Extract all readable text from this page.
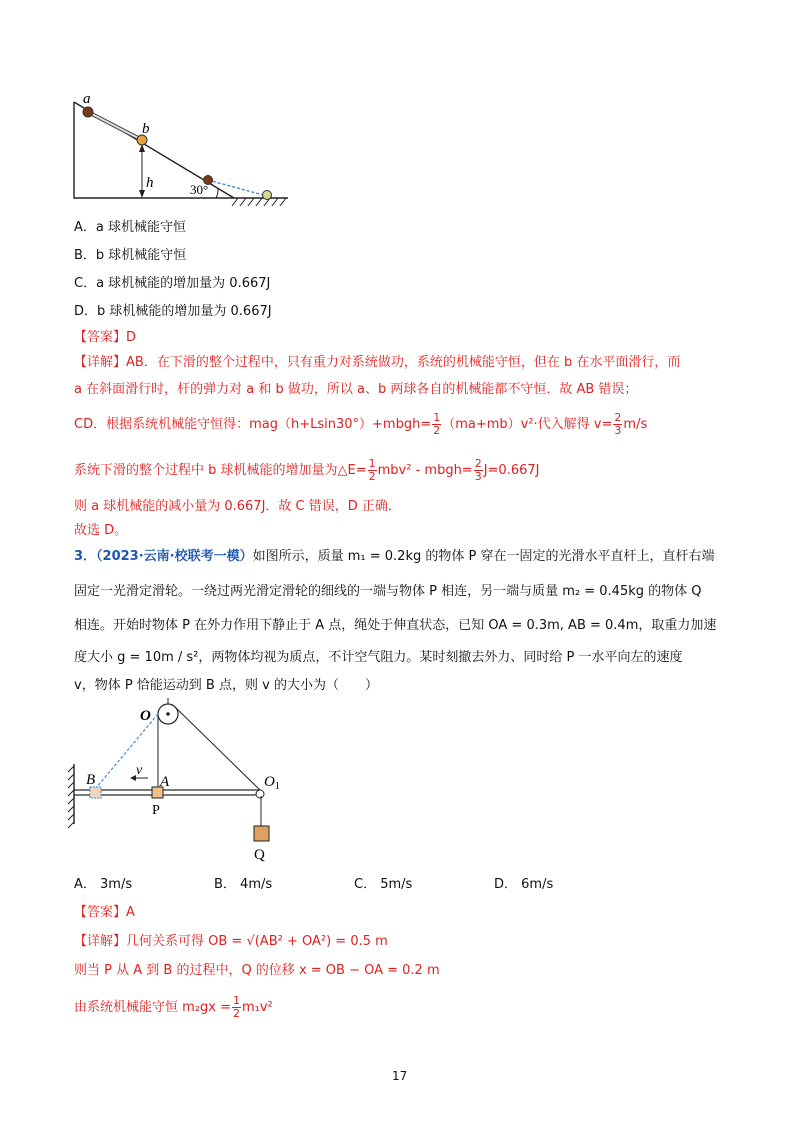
a
b
h	30°
A．a 球机械能守恒
B．b 球机械能守恒
C．a 球机械能的增加量为 0.667J
D．b 球机械能的增加量为 0.667J
【答案】D
【详解】AB．在下滑的整个过程中，只有重力对系统做功，系统的机械能守恒，但在 b 在水平面滑行，而
a 在斜面滑行时，杆的弹力对 a 和 b 做功，所以 a、b 两球各自的机械能都不守恒．故 AB 错误；
CD．根据系统机械能守恒得：mag（h+Lsin30°）+mbgh= $\frac{1}{2} (ma+mb)v^2\cdot$代入解得 $v= \frac{2}{3} m/s$
系统下滑的整个过程中 b 球机械能的增加量为△E= $\frac{1}{2} mbv^2$ - mbgh= $\frac{2}{3} J=0.667J$
则 a 球机械能的减小量为 0.667J．故 C 错误，D 正确．
故选 D。
3．（2023·云南·校联考一模）如图所示，质量 m₁ = 0.2kg 的物体 P 穿在一固定的光滑水平直杆上，直杆右端
固定一光滑定滑轮。一绕过两光滑定滑轮的细线的一端与物体 P 相连，另一端与质量 m₂ = 0.45kg 的物体 Q
相连。开始时物体 P 在外力作用下静止于 A 点，绳处于伸直状态，已知 OA = 0.3m, AB = 0.4m，取重力加速
度大小 g = 10m / s²，两物体均视为质点，不计空气阻力。某时刻撤去外力、同时给 P 一水平向左的速度
v，物体 P 恰能运动到 B 点，则 v 的大小为（　　）
O
B
v
A
P
$O_1$
Q
A． 3m/s	B． 4m/s	C． 5m/s	D． 6m/s
【答案】A
【详解】几何关系可得 OB = √(AB² + OA²) = 0.5 m
则当 P 从 A 到 B 的过程中，Q 的位移 x = OB − OA = 0.2 m
由系统机械能守恒 $m_2gx = \frac{1}{2} m_1v^2$
17
